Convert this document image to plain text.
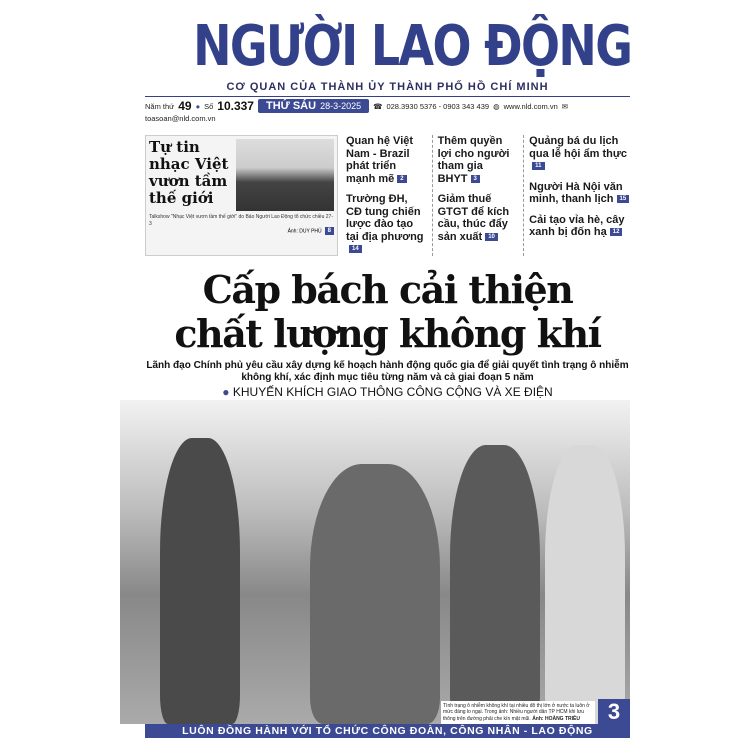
NGƯỜI LAO ĐỘNG
CƠ QUAN CỦA THÀNH ỦY THÀNH PHỐ HỒ CHÍ MINH
Năm thứ 49 ● Số 10.337 THỨ SÁU 28-3-2025 ☎ 028.3930 5376 - 0903 343 439 ◍ www.nld.com.vn ✉
toasoan@nld.com.vn
Tự tin nhạc Việt vươn tầm thế giới
Talkshow "Nhạc Việt vươn tầm thế giới" do Báo Người Lao Động tổ chức chiều 27-3
Ảnh: DUY PHÚ 8
Quan hệ Việt Nam - Brazil phát triển mạnh mẽ 2
Trường ĐH, CĐ tung chiến lược đào tạo tại địa phương14
Thêm quyền lợi cho người tham gia BHYT 3
Giảm thuế GTGT để kích cầu, thúc đẩy sản xuất 10
Quảng bá du lịch qua lễ hội ẩm thực11
Người Hà Nội văn minh, thanh lịch 15
Cải tạo vỉa hè, cây xanh bị đốn hạ 12
Cấp bách cải thiện
chất lượng không khí
Lãnh đạo Chính phủ yêu cầu xây dựng kế hoạch hành động quốc gia để giải quyết tình trạng ô nhiễm không khí, xác định mục tiêu từng năm và cả giai đoạn 5 năm
● KHUYẾN KHÍCH GIAO THÔNG CÔNG CỘNG VÀ XE ĐIỆN
Tình trạng ô nhiễm không khí tại nhiều đô thị lớn ở nước ta luôn ở mức đáng lo ngại. Trong ảnh: Nhiều người dân TP HCM khi lưu thông trên đường phải che kín mặt mũi. Ảnh: HOÀNG TRIỀU	3
LUÔN ĐỒNG HÀNH VỚI TỔ CHỨC CÔNG ĐOÀN, CÔNG NHÂN - LAO ĐỘNG
